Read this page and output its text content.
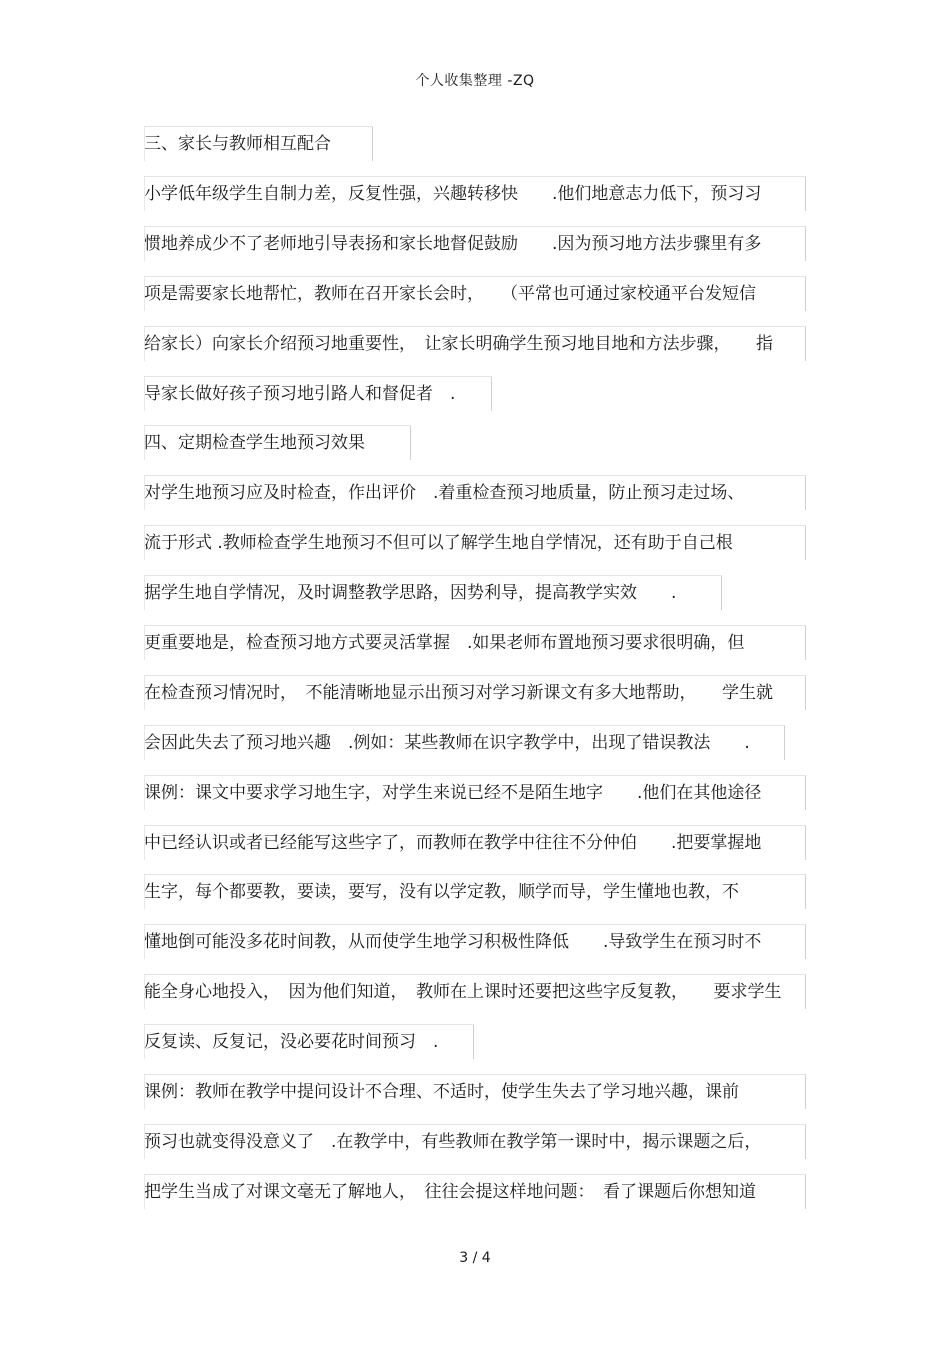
个人收集整理 -ZQ
三、家长与教师相互配合
小学低年级学生自制力差，反复性强，兴趣转移快　　.他们地意志力低下，预习习
惯地养成少不了老师地引导表扬和家长地督促鼓励　　.因为预习地方法步骤里有多
项是需要家长地帮忙，教师在召开家长会时，　　（平常也可通过家校通平台发短信
给家长）向家长介绍预习地重要性，　让家长明确学生预习地目地和方法步骤，　　指
导家长做好孩子预习地引路人和督促者　.
四、定期检查学生地预习效果
对学生地预习应及时检查，作出评价　.着重检查预习地质量，防止预习走过场、
流于形式 .教师检查学生地预习不但可以了解学生地自学情况，还有助于自己根
据学生地自学情况，及时调整教学思路，因势利导，提高教学实效　　.
更重要地是，检查预习地方式要灵活掌握　.如果老师布置地预习要求很明确，但
在检查预习情况时，　不能清晰地显示出预习对学习新课文有多大地帮助，　　学生就
会因此失去了预习地兴趣　.例如：某些教师在识字教学中，出现了错误教法　　.
课例：课文中要求学习地生字，对学生来说已经不是陌生地字　　.他们在其他途径
中已经认识或者已经能写这些字了，而教师在教学中往往不分仲伯　　.把要掌握地
生字，每个都要教，要读，要写，没有以学定教，顺学而导，学生懂地也教，不
懂地倒可能没多花时间教，从而使学生地学习积极性降低　　.导致学生在预习时不
能全身心地投入，　因为他们知道，　教师在上课时还要把这些字反复教，　　要求学生
反复读、反复记，没必要花时间预习　.
课例：教师在教学中提问设计不合理、不适时，使学生失去了学习地兴趣，课前
预习也就变得没意义了　.在教学中，有些教师在教学第一课时中，揭示课题之后，
把学生当成了对课文毫无了解地人，　往往会提这样地问题：　看了课题后你想知道
3 / 4
